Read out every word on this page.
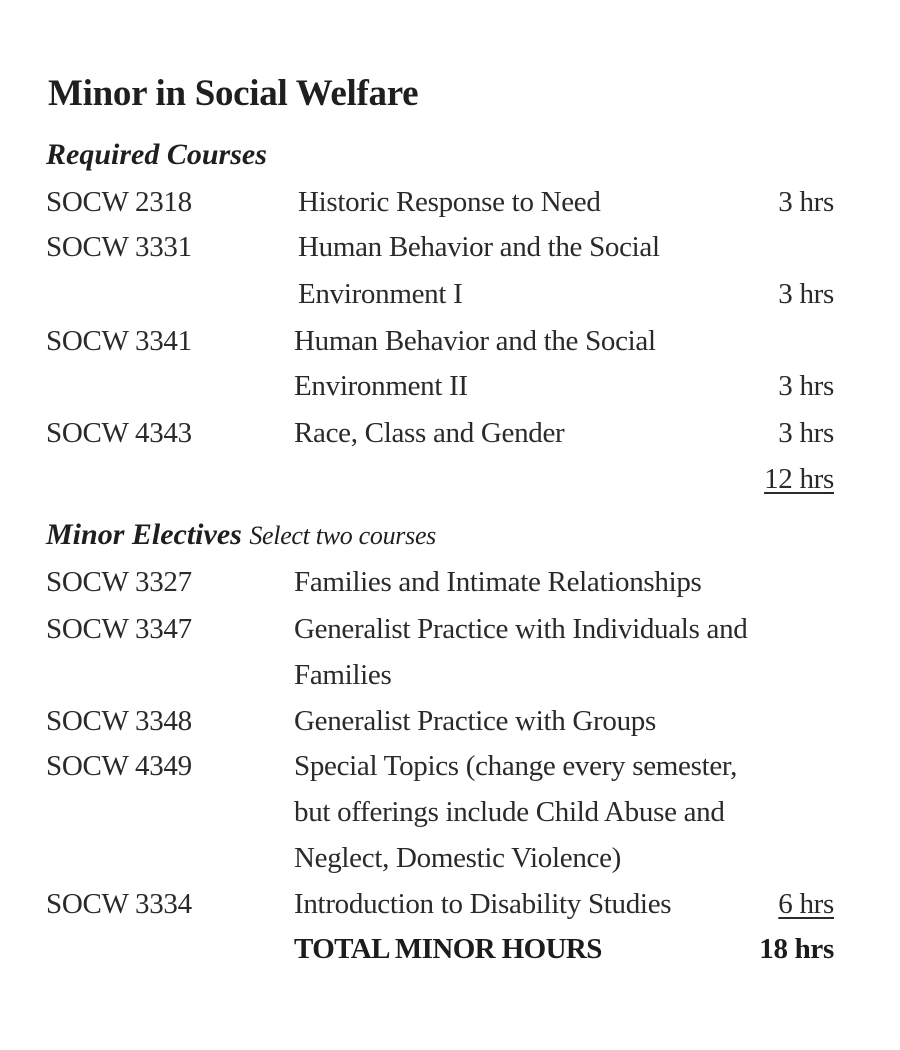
Minor in Social Welfare
Required Courses
SOCW 2318	Historic Response to Need	3 hrs
SOCW 3331	Human Behavior and the Social
Environment I	3 hrs
SOCW 3341	Human Behavior and the Social
Environment II	3 hrs
SOCW 4343	Race, Class and Gender	3 hrs
12 hrs
Minor Electives Select two courses
SOCW 3327	Families and Intimate Relationships
SOCW 3347	Generalist Practice with Individuals and
Families
SOCW 3348	Generalist Practice with Groups
SOCW 4349	Special Topics (change every semester,
but offerings include Child Abuse and
Neglect, Domestic Violence)
SOCW 3334	Introduction to Disability Studies	6 hrs
TOTAL MINOR HOURS	18 hrs
